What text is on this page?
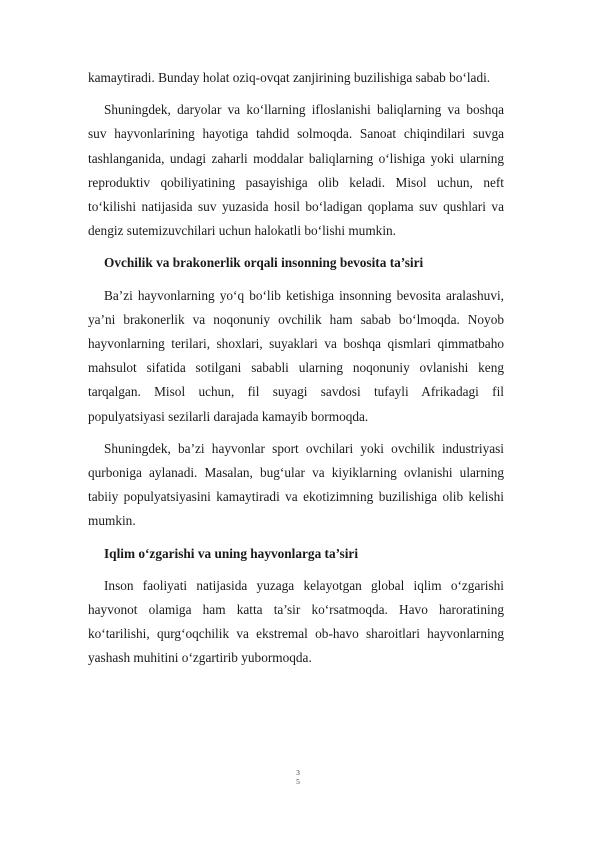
kamaytiradi. Bunday holat oziq-ovqat zanjirining buzilishiga sabab bo‘ladi.

Shuningdek, daryolar va ko‘llarning ifloslanishi baliqlarning va boshqa suv hayvonlarining hayotiga tahdid solmoqda. Sanoat chiqindilari suvga tashlanganida, undagi zaharli moddalar baliqlarning o‘lishiga yoki ularning reproduktiv qobiliyatining pasayishiga olib keladi. Misol uchun, neft to‘kilishi natijasida suv yuzasida hosil bo‘ladigan qoplama suv qushlari va dengiz sutemizuvchilari uchun halokatli bo‘lishi mumkin.

Ovchilik va brakonerlik orqali insonning bevosita ta’siri

Ba’zi hayvonlarning yo‘q bo‘lib ketishiga insonning bevosita aralashuvi, ya’ni brakonerlik va noqonuniy ovchilik ham sabab bo‘lmoqda. Noyob hayvonlarning terilari, shoxlari, suyaklari va boshqa qismlari qimmatbaho mahsulot sifatida sotilgani sababli ularning noqonuniy ovlanishi keng tarqalgan. Misol uchun, fil suyagi savdosi tufayli Afrikadagi fil populyatsiyasi sezilarli darajada kamayib bormoqda.

Shuningdek, ba’zi hayvonlar sport ovchilari yoki ovchilik industriyasi qurboniga aylanadi. Masalan, bug‘ular va kiyiklarning ovlanishi ularning tabiiy populyatsiyasini kamaytiradi va ekotizimning buzilishiga olib kelishi mumkin.

Iqlim o‘zgarishi va uning hayvonlarga ta’siri

Inson faoliyati natijasida yuzaga kelayotgan global iqlim o‘zgarishi hayvonot olamiga ham katta ta’sir ko‘rsatmoqda. Havo haroratining ko‘tarilishi, qurg‘oqchilik va ekstremal ob-havo sharoitlari hayvonlarning yashash muhitini o‘zgartirib yubormoqda.

3
5
